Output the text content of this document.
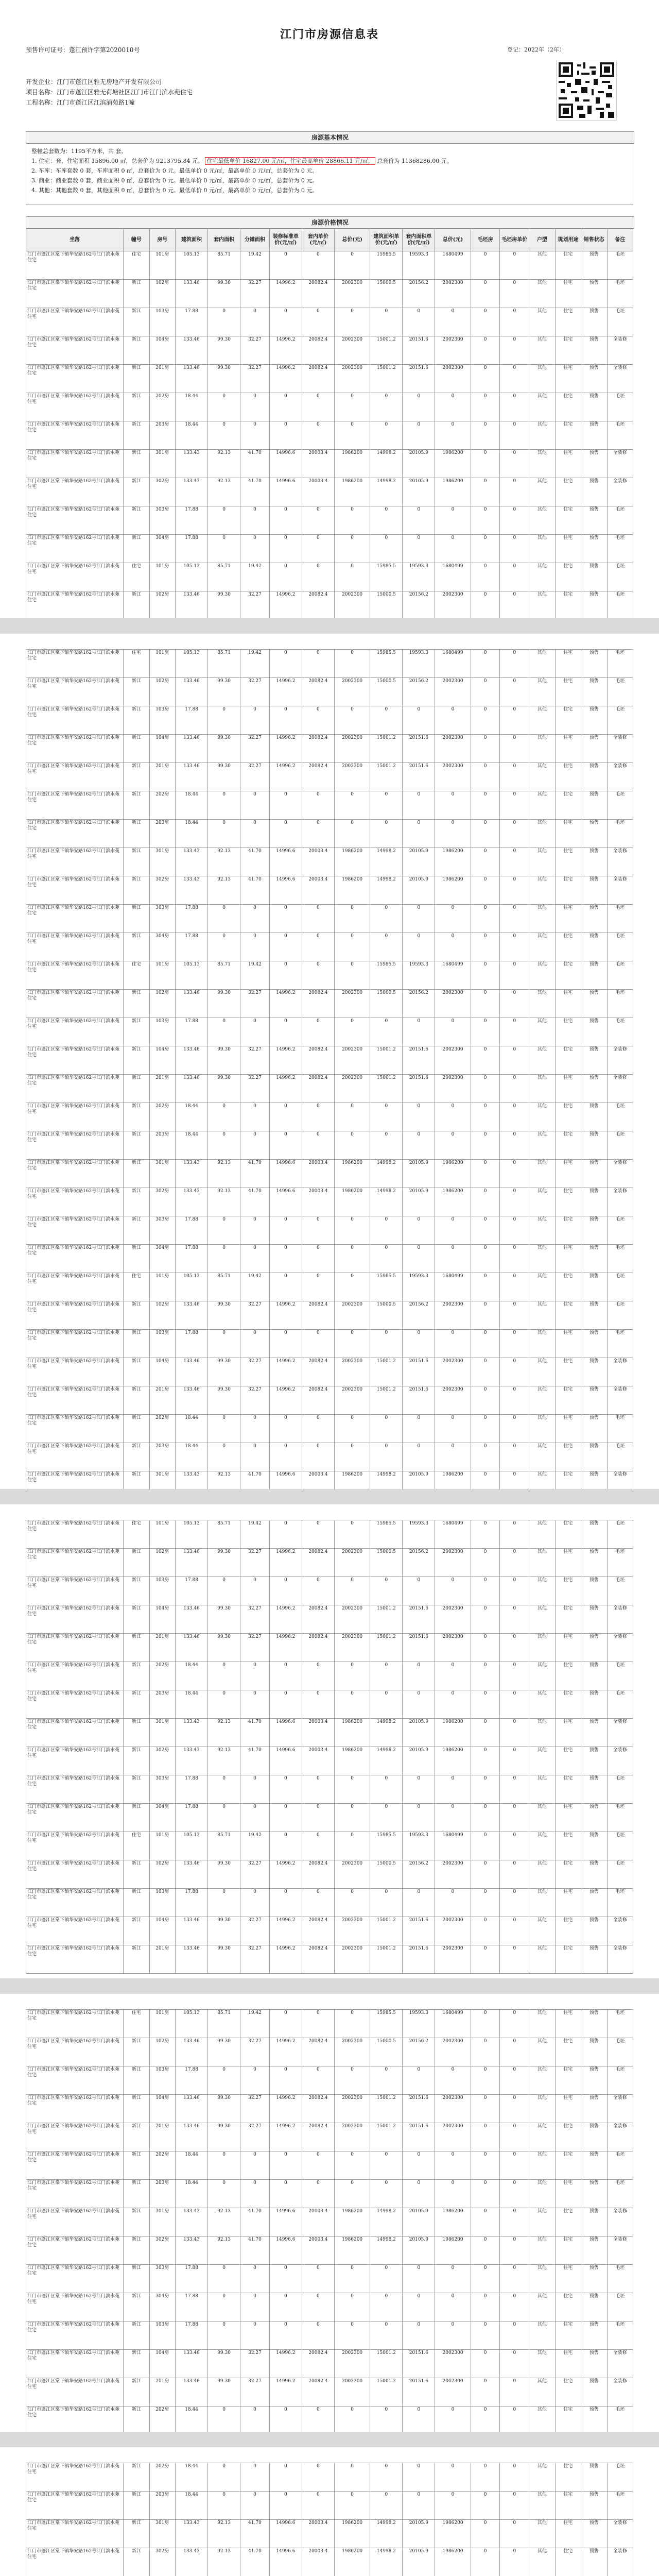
江门市房源信息表
预售许可证号：蓬江预许字第2020010号	登记：2022年（2年）
开发企业：江门市蓬江区雅无房地产开发有限公司
项目名称：江门市蓬江区雅无荷塘社区江门市江门滨水苑住宅
工程名称：江门市蓬江区江滨浦苑路1幢
房源基本情况
整幢总套数为：1195平方米，共 套。
1. 住宅：套，住宅面积 15896.00 ㎡，总套价为 9213795.84 元。 住宅最低单价 16827.00 元/㎡，住宅最高单价 28866.11 元/㎡， 总套价为 11368286.00 元。
2. 车库：车库套数 0 套，车库面积 0 ㎡，总套价为 0 元。最低单价 0 元/㎡，最高单价 0 元/㎡，总套价为 0 元。
3. 商业：商业套数 0 套，商业面积 0 ㎡，总套价为 0 元。最低单价 0 元/㎡，最高单价 0 元/㎡，总套价为 0 元。
4. 其他：其他套数 0 套，其他面积 0 ㎡，总套价为 0 元。最低单价 0 元/㎡，最高单价 0 元/㎡，总套价为 0 元。
房源价格情况
坐落	幢号	房号	建筑面积	套内面积	分摊面积	装修标准单价(元/㎡)	套内单价(元/㎡)	总价(元)	建筑面积单价(元/㎡)	套内面积单价(元/㎡)	总价(元)	毛坯房	毛坯房单价	户型	规划用途	销售状态	备注
江门市蓬江区棠下镇华安路162号江门滨水苑住宅	住宅	101房	105.13	85.71	19.42	0	0	0	15985.5	19593.3	1680499	0	0	其他	住宅	预售	毛坯
江门市蓬江区棠下镇华安路162号江门滨水苑住宅	新江	102房	133.46	99.30	32.27	14996.2	20082.4	2002300	15000.5	20156.2	2002300	0	0	其他	住宅	预售	毛坯
江门市蓬江区棠下镇华安路162号江门滨水苑住宅	新江	103房	17.88	0	0	0	0	0	0	0	0	0	0	其他	住宅	预售	毛坯
江门市蓬江区棠下镇华安路162号江门滨水苑住宅	新江	104房	133.46	99.30	32.27	14996.2	20082.4	2002300	15001.2	20151.6	2002300	0	0	其他	住宅	预售	全装修
江门市蓬江区棠下镇华安路162号江门滨水苑住宅	新江	201房	133.46	99.30	32.27	14996.2	20082.4	2002300	15001.2	20151.6	2002300	0	0	其他	住宅	预售	全装修
江门市蓬江区棠下镇华安路162号江门滨水苑住宅	新江	202房	18.44	0	0	0	0	0	0	0	0	0	0	其他	住宅	预售	毛坯
江门市蓬江区棠下镇华安路162号江门滨水苑住宅	新江	203房	18.44	0	0	0	0	0	0	0	0	0	0	其他	住宅	预售	毛坯
江门市蓬江区棠下镇华安路162号江门滨水苑住宅	新江	301房	133.43	92.13	41.70	14996.6	20003.4	1986200	14998.2	20105.9	1986200	0	0	其他	住宅	预售	全装修
江门市蓬江区棠下镇华安路162号江门滨水苑住宅	新江	302房	133.43	92.13	41.70	14996.6	20003.4	1986200	14998.2	20105.9	1986200	0	0	其他	住宅	预售	全装修
江门市蓬江区棠下镇华安路162号江门滨水苑住宅	新江	303房	17.88	0	0	0	0	0	0	0	0	0	0	其他	住宅	预售	毛坯
江门市蓬江区棠下镇华安路162号江门滨水苑住宅	新江	304房	17.88	0	0	0	0	0	0	0	0	0	0	其他	住宅	预售	毛坯
江门市蓬江区棠下镇华安路162号江门滨水苑住宅	住宅	101房	105.13	85.71	19.42	0	0	0	15985.5	19593.3	1680499	0	0	其他	住宅	预售	毛坯
江门市蓬江区棠下镇华安路162号江门滨水苑住宅	新江	102房	133.46	99.30	32.27	14996.2	20082.4	2002300	15000.5	20156.2	2002300	0	0	其他	住宅	预售	毛坯

江门市蓬江区棠下镇华安路162号江门滨水苑住宅	住宅	101房	105.13	85.71	19.42	0	0	0	15985.5	19593.3	1680499	0	0	其他	住宅	预售	毛坯
江门市蓬江区棠下镇华安路162号江门滨水苑住宅	新江	102房	133.46	99.30	32.27	14996.2	20082.4	2002300	15000.5	20156.2	2002300	0	0	其他	住宅	预售	毛坯
江门市蓬江区棠下镇华安路162号江门滨水苑住宅	新江	103房	17.88	0	0	0	0	0	0	0	0	0	0	其他	住宅	预售	毛坯
江门市蓬江区棠下镇华安路162号江门滨水苑住宅	新江	104房	133.46	99.30	32.27	14996.2	20082.4	2002300	15001.2	20151.6	2002300	0	0	其他	住宅	预售	全装修
江门市蓬江区棠下镇华安路162号江门滨水苑住宅	新江	201房	133.46	99.30	32.27	14996.2	20082.4	2002300	15001.2	20151.6	2002300	0	0	其他	住宅	预售	全装修
江门市蓬江区棠下镇华安路162号江门滨水苑住宅	新江	202房	18.44	0	0	0	0	0	0	0	0	0	0	其他	住宅	预售	毛坯
江门市蓬江区棠下镇华安路162号江门滨水苑住宅	新江	203房	18.44	0	0	0	0	0	0	0	0	0	0	其他	住宅	预售	毛坯
江门市蓬江区棠下镇华安路162号江门滨水苑住宅	新江	301房	133.43	92.13	41.70	14996.6	20003.4	1986200	14998.2	20105.9	1986200	0	0	其他	住宅	预售	全装修
江门市蓬江区棠下镇华安路162号江门滨水苑住宅	新江	302房	133.43	92.13	41.70	14996.6	20003.4	1986200	14998.2	20105.9	1986200	0	0	其他	住宅	预售	全装修
江门市蓬江区棠下镇华安路162号江门滨水苑住宅	新江	303房	17.88	0	0	0	0	0	0	0	0	0	0	其他	住宅	预售	毛坯
江门市蓬江区棠下镇华安路162号江门滨水苑住宅	新江	304房	17.88	0	0	0	0	0	0	0	0	0	0	其他	住宅	预售	毛坯
江门市蓬江区棠下镇华安路162号江门滨水苑住宅	住宅	101房	105.13	85.71	19.42	0	0	0	15985.5	19593.3	1680499	0	0	其他	住宅	预售	毛坯
江门市蓬江区棠下镇华安路162号江门滨水苑住宅	新江	102房	133.46	99.30	32.27	14996.2	20082.4	2002300	15000.5	20156.2	2002300	0	0	其他	住宅	预售	毛坯
江门市蓬江区棠下镇华安路162号江门滨水苑住宅	新江	103房	17.88	0	0	0	0	0	0	0	0	0	0	其他	住宅	预售	毛坯
江门市蓬江区棠下镇华安路162号江门滨水苑住宅	新江	104房	133.46	99.30	32.27	14996.2	20082.4	2002300	15001.2	20151.6	2002300	0	0	其他	住宅	预售	全装修
江门市蓬江区棠下镇华安路162号江门滨水苑住宅	新江	201房	133.46	99.30	32.27	14996.2	20082.4	2002300	15001.2	20151.6	2002300	0	0	其他	住宅	预售	全装修
江门市蓬江区棠下镇华安路162号江门滨水苑住宅	新江	202房	18.44	0	0	0	0	0	0	0	0	0	0	其他	住宅	预售	毛坯
江门市蓬江区棠下镇华安路162号江门滨水苑住宅	新江	203房	18.44	0	0	0	0	0	0	0	0	0	0	其他	住宅	预售	毛坯
江门市蓬江区棠下镇华安路162号江门滨水苑住宅	新江	301房	133.43	92.13	41.70	14996.6	20003.4	1986200	14998.2	20105.9	1986200	0	0	其他	住宅	预售	全装修
江门市蓬江区棠下镇华安路162号江门滨水苑住宅	新江	302房	133.43	92.13	41.70	14996.6	20003.4	1986200	14998.2	20105.9	1986200	0	0	其他	住宅	预售	全装修
江门市蓬江区棠下镇华安路162号江门滨水苑住宅	新江	303房	17.88	0	0	0	0	0	0	0	0	0	0	其他	住宅	预售	毛坯
江门市蓬江区棠下镇华安路162号江门滨水苑住宅	新江	304房	17.88	0	0	0	0	0	0	0	0	0	0	其他	住宅	预售	毛坯
江门市蓬江区棠下镇华安路162号江门滨水苑住宅	住宅	101房	105.13	85.71	19.42	0	0	0	15985.5	19593.3	1680499	0	0	其他	住宅	预售	毛坯
江门市蓬江区棠下镇华安路162号江门滨水苑住宅	新江	102房	133.46	99.30	32.27	14996.2	20082.4	2002300	15000.5	20156.2	2002300	0	0	其他	住宅	预售	毛坯
江门市蓬江区棠下镇华安路162号江门滨水苑住宅	新江	103房	17.88	0	0	0	0	0	0	0	0	0	0	其他	住宅	预售	毛坯
江门市蓬江区棠下镇华安路162号江门滨水苑住宅	新江	104房	133.46	99.30	32.27	14996.2	20082.4	2002300	15001.2	20151.6	2002300	0	0	其他	住宅	预售	全装修
江门市蓬江区棠下镇华安路162号江门滨水苑住宅	新江	201房	133.46	99.30	32.27	14996.2	20082.4	2002300	15001.2	20151.6	2002300	0	0	其他	住宅	预售	全装修
江门市蓬江区棠下镇华安路162号江门滨水苑住宅	新江	202房	18.44	0	0	0	0	0	0	0	0	0	0	其他	住宅	预售	毛坯
江门市蓬江区棠下镇华安路162号江门滨水苑住宅	新江	203房	18.44	0	0	0	0	0	0	0	0	0	0	其他	住宅	预售	毛坯
江门市蓬江区棠下镇华安路162号江门滨水苑住宅	新江	301房	133.43	92.13	41.70	14996.6	20003.4	1986200	14998.2	20105.9	1986200	0	0	其他	住宅	预售	全装修

江门市蓬江区棠下镇华安路162号江门滨水苑住宅	住宅	101房	105.13	85.71	19.42	0	0	0	15985.5	19593.3	1680499	0	0	其他	住宅	预售	毛坯
江门市蓬江区棠下镇华安路162号江门滨水苑住宅	新江	102房	133.46	99.30	32.27	14996.2	20082.4	2002300	15000.5	20156.2	2002300	0	0	其他	住宅	预售	毛坯
江门市蓬江区棠下镇华安路162号江门滨水苑住宅	新江	103房	17.88	0	0	0	0	0	0	0	0	0	0	其他	住宅	预售	毛坯
江门市蓬江区棠下镇华安路162号江门滨水苑住宅	新江	104房	133.46	99.30	32.27	14996.2	20082.4	2002300	15001.2	20151.6	2002300	0	0	其他	住宅	预售	全装修
江门市蓬江区棠下镇华安路162号江门滨水苑住宅	新江	201房	133.46	99.30	32.27	14996.2	20082.4	2002300	15001.2	20151.6	2002300	0	0	其他	住宅	预售	全装修
江门市蓬江区棠下镇华安路162号江门滨水苑住宅	新江	202房	18.44	0	0	0	0	0	0	0	0	0	0	其他	住宅	预售	毛坯
江门市蓬江区棠下镇华安路162号江门滨水苑住宅	新江	203房	18.44	0	0	0	0	0	0	0	0	0	0	其他	住宅	预售	毛坯
江门市蓬江区棠下镇华安路162号江门滨水苑住宅	新江	301房	133.43	92.13	41.70	14996.6	20003.4	1986200	14998.2	20105.9	1986200	0	0	其他	住宅	预售	全装修
江门市蓬江区棠下镇华安路162号江门滨水苑住宅	新江	302房	133.43	92.13	41.70	14996.6	20003.4	1986200	14998.2	20105.9	1986200	0	0	其他	住宅	预售	全装修
江门市蓬江区棠下镇华安路162号江门滨水苑住宅	新江	303房	17.88	0	0	0	0	0	0	0	0	0	0	其他	住宅	预售	毛坯
江门市蓬江区棠下镇华安路162号江门滨水苑住宅	新江	304房	17.88	0	0	0	0	0	0	0	0	0	0	其他	住宅	预售	毛坯
江门市蓬江区棠下镇华安路162号江门滨水苑住宅	住宅	101房	105.13	85.71	19.42	0	0	0	15985.5	19593.3	1680499	0	0	其他	住宅	预售	毛坯
江门市蓬江区棠下镇华安路162号江门滨水苑住宅	新江	102房	133.46	99.30	32.27	14996.2	20082.4	2002300	15000.5	20156.2	2002300	0	0	其他	住宅	预售	毛坯
江门市蓬江区棠下镇华安路162号江门滨水苑住宅	新江	103房	17.88	0	0	0	0	0	0	0	0	0	0	其他	住宅	预售	毛坯
江门市蓬江区棠下镇华安路162号江门滨水苑住宅	新江	104房	133.46	99.30	32.27	14996.2	20082.4	2002300	15001.2	20151.6	2002300	0	0	其他	住宅	预售	全装修
江门市蓬江区棠下镇华安路162号江门滨水苑住宅	新江	201房	133.46	99.30	32.27	14996.2	20082.4	2002300	15001.2	20151.6	2002300	0	0	其他	住宅	预售	全装修
江门市蓬江区棠下镇华安路162号江门滨水苑住宅	住宅	101房	105.13	85.71	19.42	0	0	0	15985.5	19593.3	1680499	0	0	其他	住宅	预售	毛坯
江门市蓬江区棠下镇华安路162号江门滨水苑住宅	新江	102房	133.46	99.30	32.27	14996.2	20082.4	2002300	15000.5	20156.2	2002300	0	0	其他	住宅	预售	毛坯
江门市蓬江区棠下镇华安路162号江门滨水苑住宅	新江	103房	17.88	0	0	0	0	0	0	0	0	0	0	其他	住宅	预售	毛坯
江门市蓬江区棠下镇华安路162号江门滨水苑住宅	新江	104房	133.46	99.30	32.27	14996.2	20082.4	2002300	15001.2	20151.6	2002300	0	0	其他	住宅	预售	全装修
江门市蓬江区棠下镇华安路162号江门滨水苑住宅	新江	201房	133.46	99.30	32.27	14996.2	20082.4	2002300	15001.2	20151.6	2002300	0	0	其他	住宅	预售	全装修
江门市蓬江区棠下镇华安路162号江门滨水苑住宅	新江	202房	18.44	0	0	0	0	0	0	0	0	0	0	其他	住宅	预售	毛坯
江门市蓬江区棠下镇华安路162号江门滨水苑住宅	新江	203房	18.44	0	0	0	0	0	0	0	0	0	0	其他	住宅	预售	毛坯
江门市蓬江区棠下镇华安路162号江门滨水苑住宅	新江	301房	133.43	92.13	41.70	14996.6	20003.4	1986200	14998.2	20105.9	1986200	0	0	其他	住宅	预售	全装修
江门市蓬江区棠下镇华安路162号江门滨水苑住宅	新江	302房	133.43	92.13	41.70	14996.6	20003.4	1986200	14998.2	20105.9	1986200	0	0	其他	住宅	预售	全装修
江门市蓬江区棠下镇华安路162号江门滨水苑住宅	新江	303房	17.88	0	0	0	0	0	0	0	0	0	0	其他	住宅	预售	毛坯
江门市蓬江区棠下镇华安路162号江门滨水苑住宅	新江	304房	17.88	0	0	0	0	0	0	0	0	0	0	其他	住宅	预售	毛坯
江门市蓬江区棠下镇华安路162号江门滨水苑住宅	新江	103房	17.88	0	0	0	0	0	0	0	0	0	0	其他	住宅	预售	毛坯
江门市蓬江区棠下镇华安路162号江门滨水苑住宅	新江	104房	133.46	99.30	32.27	14996.2	20082.4	2002300	15001.2	20151.6	2002300	0	0	其他	住宅	预售	全装修
江门市蓬江区棠下镇华安路162号江门滨水苑住宅	新江	201房	133.46	99.30	32.27	14996.2	20082.4	2002300	15001.2	20151.6	2002300	0	0	其他	住宅	预售	全装修
江门市蓬江区棠下镇华安路162号江门滨水苑住宅	新江	202房	18.44	0	0	0	0	0	0	0	0	0	0	其他	住宅	预售	毛坯
江门市蓬江区棠下镇华安路162号江门滨水苑住宅	新江	202房	18.44	0	0	0	0	0	0	0	0	0	0	其他	住宅	预售	毛坯
江门市蓬江区棠下镇华安路162号江门滨水苑住宅	新江	203房	18.44	0	0	0	0	0	0	0	0	0	0	其他	住宅	预售	毛坯
江门市蓬江区棠下镇华安路162号江门滨水苑住宅	新江	301房	133.43	92.13	41.70	14996.6	20003.4	1986200	14998.2	20105.9	1986200	0	0	其他	住宅	预售	全装修
江门市蓬江区棠下镇华安路162号江门滨水苑住宅	新江	302房	133.43	92.13	41.70	14996.6	20003.4	1986200	14998.2	20105.9	1986200	0	0	其他	住宅	预售	全装修
